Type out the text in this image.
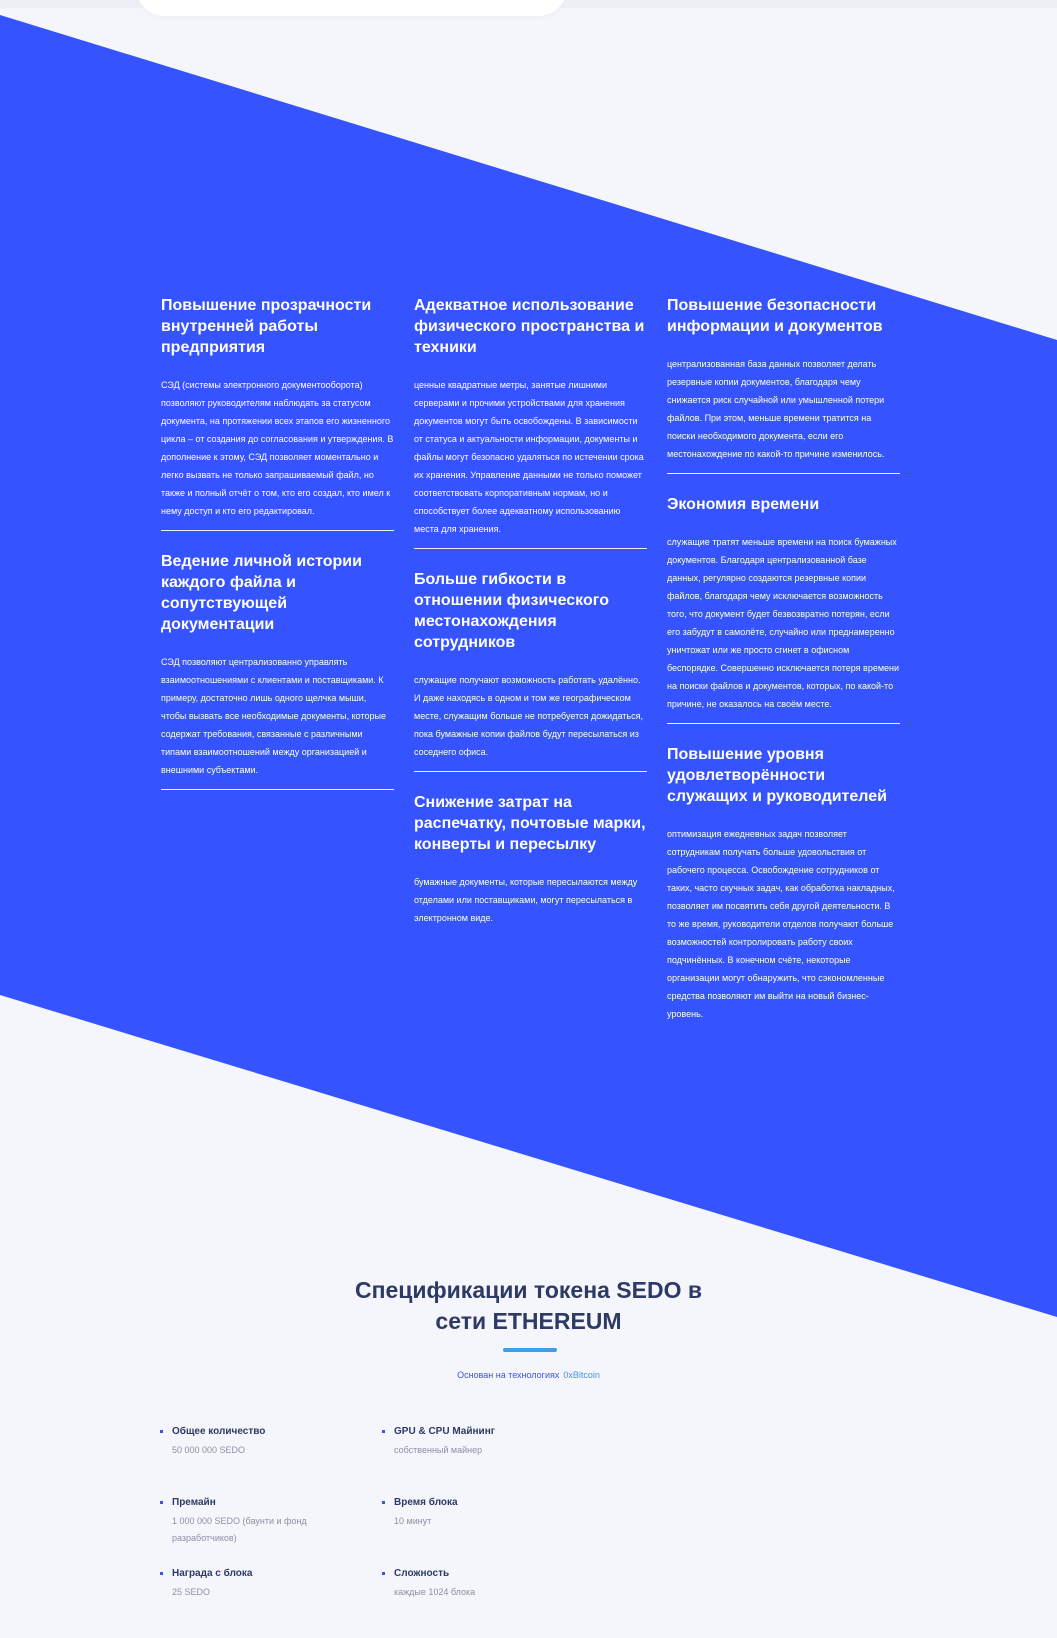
Повышение прозрачности внутренней работы предприятия

СЭД (системы электронного документооборота) позволяют руководителям наблюдать за статусом документа, на протяжении всех этапов его жизненного цикла – от создания до согласования и утверждения. В дополнение к этому, СЭД позволяет моментально и легко вызвать не только запрашиваемый файл, но также и полный отчёт о том, кто его создал, кто имел к нему доступ и кто его редактировал.

Ведение личной истории каждого файла и сопутствующей документации

СЭД позволяют централизованно управлять взаимоотношениями с клиентами и поставщиками. К примеру, достаточно лишь одного щелчка мыши, чтобы вызвать все необходимые документы, которые содержат требования, связанные с различными типами взаимоотношений между организацией и внешними субъектами.

Адекватное использование физического пространства и техники

ценные квадратные метры, занятые лишними серверами и прочими устройствами для хранения документов могут быть освобождены. В зависимости от статуса и актуальности информации, документы и файлы могут безопасно удаляться по истечении срока их хранения. Управление данными не только поможет соответствовать корпоративным нормам, но и способствует более адекватному использованию места для хранения.

Больше гибкости в отношении физического местонахождения сотрудников

служащие получают возможность работать удалённо. И даже находясь в одном и том же географическом месте, служащим больше не потребуется дожидаться, пока бумажные копии файлов будут пересылаться из соседнего офиса.

Снижение затрат на распечатку, почтовые марки, конверты и пересылку

бумажные документы, которые пересылаются между отделами или поставщиками, могут пересылаться в электронном виде.

Повышение безопасности информации и документов

централизованная база данных позволяет делать резервные копии документов, благодаря чему снижается риск случайной или умышленной потери файлов. При этом, меньше времени тратится на поиски необходимого документа, если его местонахождение по какой-то причине изменилось.

Экономия времени

служащие тратят меньше времени на поиск бумажных документов. Благодаря централизованной базе данных, регулярно создаются резервные копии файлов, благодаря чему исключается возможность того, что документ будет безвозвратно потерян, если его забудут в самолёте, случайно или преднамеренно уничтожат или же просто сгинет в офисном беспорядке. Совершенно исключается потеря времени на поиски файлов и документов, которых, по какой-то причине, не оказалось на своём месте.

Повышение уровня удовлетворённости служащих и руководителей

оптимизация ежедневных задач позволяет сотрудникам получать больше удовольствия от рабочего процесса. Освобождение сотрудников от таких, часто скучных задач, как обработка накладных, позволяет им посвятить себя другой деятельности. В то же время, руководители отделов получают больше возможностей контролировать работу своих подчинённых. В конечном счёте, некоторые организации могут обнаружить, что сэкономленные средства позволяют им выйти на новый бизнес-уровень.

Спецификации токена SEDO в
сети ETHEREUM
Основан на технологиях 0xBitcoin
Общее количество
50 000 000 SEDO
GPU & CPU Майнинг
собственный майнер
Премайн
1 000 000 SEDO (баунти и фонд разработчиков)
Время блока
10 минут
Награда с блока
25 SEDO
Сложность
каждые 1024 блока
